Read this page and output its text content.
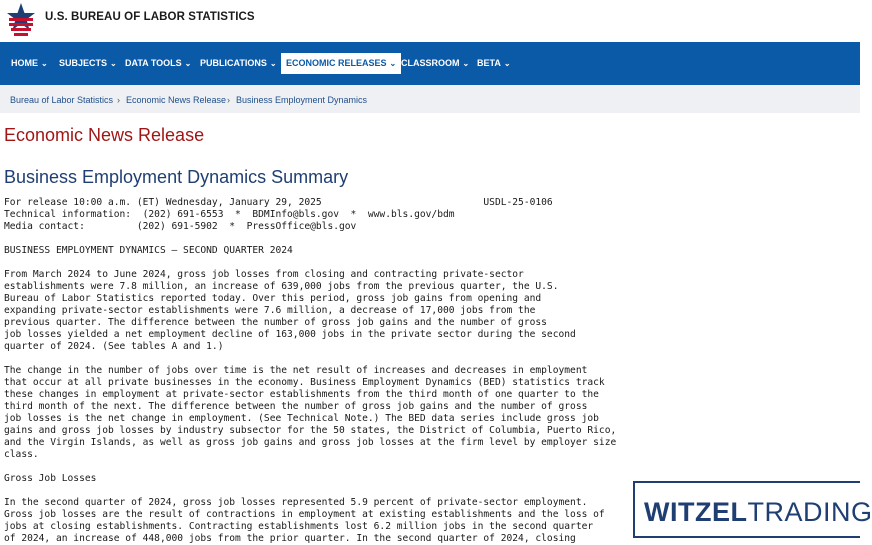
U.S. BUREAU OF LABOR STATISTICS
HOME ⌄	SUBJECTS ⌄ DATA TOOLS ⌄ PUBLICATIONS ⌄	ECONOMIC RELEASES ⌄ CLASSROOM ⌄ BETA ⌄
Bureau of Labor Statistics › Economic News Release › Business Employment Dynamics
Economic News Release
Business Employment Dynamics Summary
For release 10:00 a.m. (ET) Wednesday, January 29, 2025                            USDL-25-0106
Technical information:  (202) 691-6553  *  BDMInfo@bls.gov  *  www.bls.gov/bdm
Media contact:         (202) 691-5902  *  PressOffice@bls.gov
BUSINESS EMPLOYMENT DYNAMICS – SECOND QUARTER 2024
From March 2024 to June 2024, gross job losses from closing and contracting private-sector
establishments were 7.8 million, an increase of 639,000 jobs from the previous quarter, the U.S.
Bureau of Labor Statistics reported today. Over this period, gross job gains from opening and
expanding private-sector establishments were 7.6 million, a decrease of 17,000 jobs from the
previous quarter. The difference between the number of gross job gains and the number of gross
job losses yielded a net employment decline of 163,000 jobs in the private sector during the second
quarter of 2024. (See tables A and 1.)
The change in the number of jobs over time is the net result of increases and decreases in employment
that occur at all private businesses in the economy. Business Employment Dynamics (BED) statistics track
these changes in employment at private-sector establishments from the third month of one quarter to the
third month of the next. The difference between the number of gross job gains and the number of gross
job losses is the net change in employment. (See Technical Note.) The BED data series include gross job
gains and gross job losses by industry subsector for the 50 states, the District of Columbia, Puerto Rico,
and the Virgin Islands, as well as gross job gains and gross job losses at the firm level by employer size
class.
Gross Job Losses
In the second quarter of 2024, gross job losses represented 5.9 percent of private-sector employment.
Gross job losses are the result of contractions in employment at existing establishments and the loss of
jobs at closing establishments. Contracting establishments lost 6.2 million jobs in the second quarter
of 2024, an increase of 448,000 jobs from the prior quarter. In the second quarter of 2024, closing
WITZELTRADING
